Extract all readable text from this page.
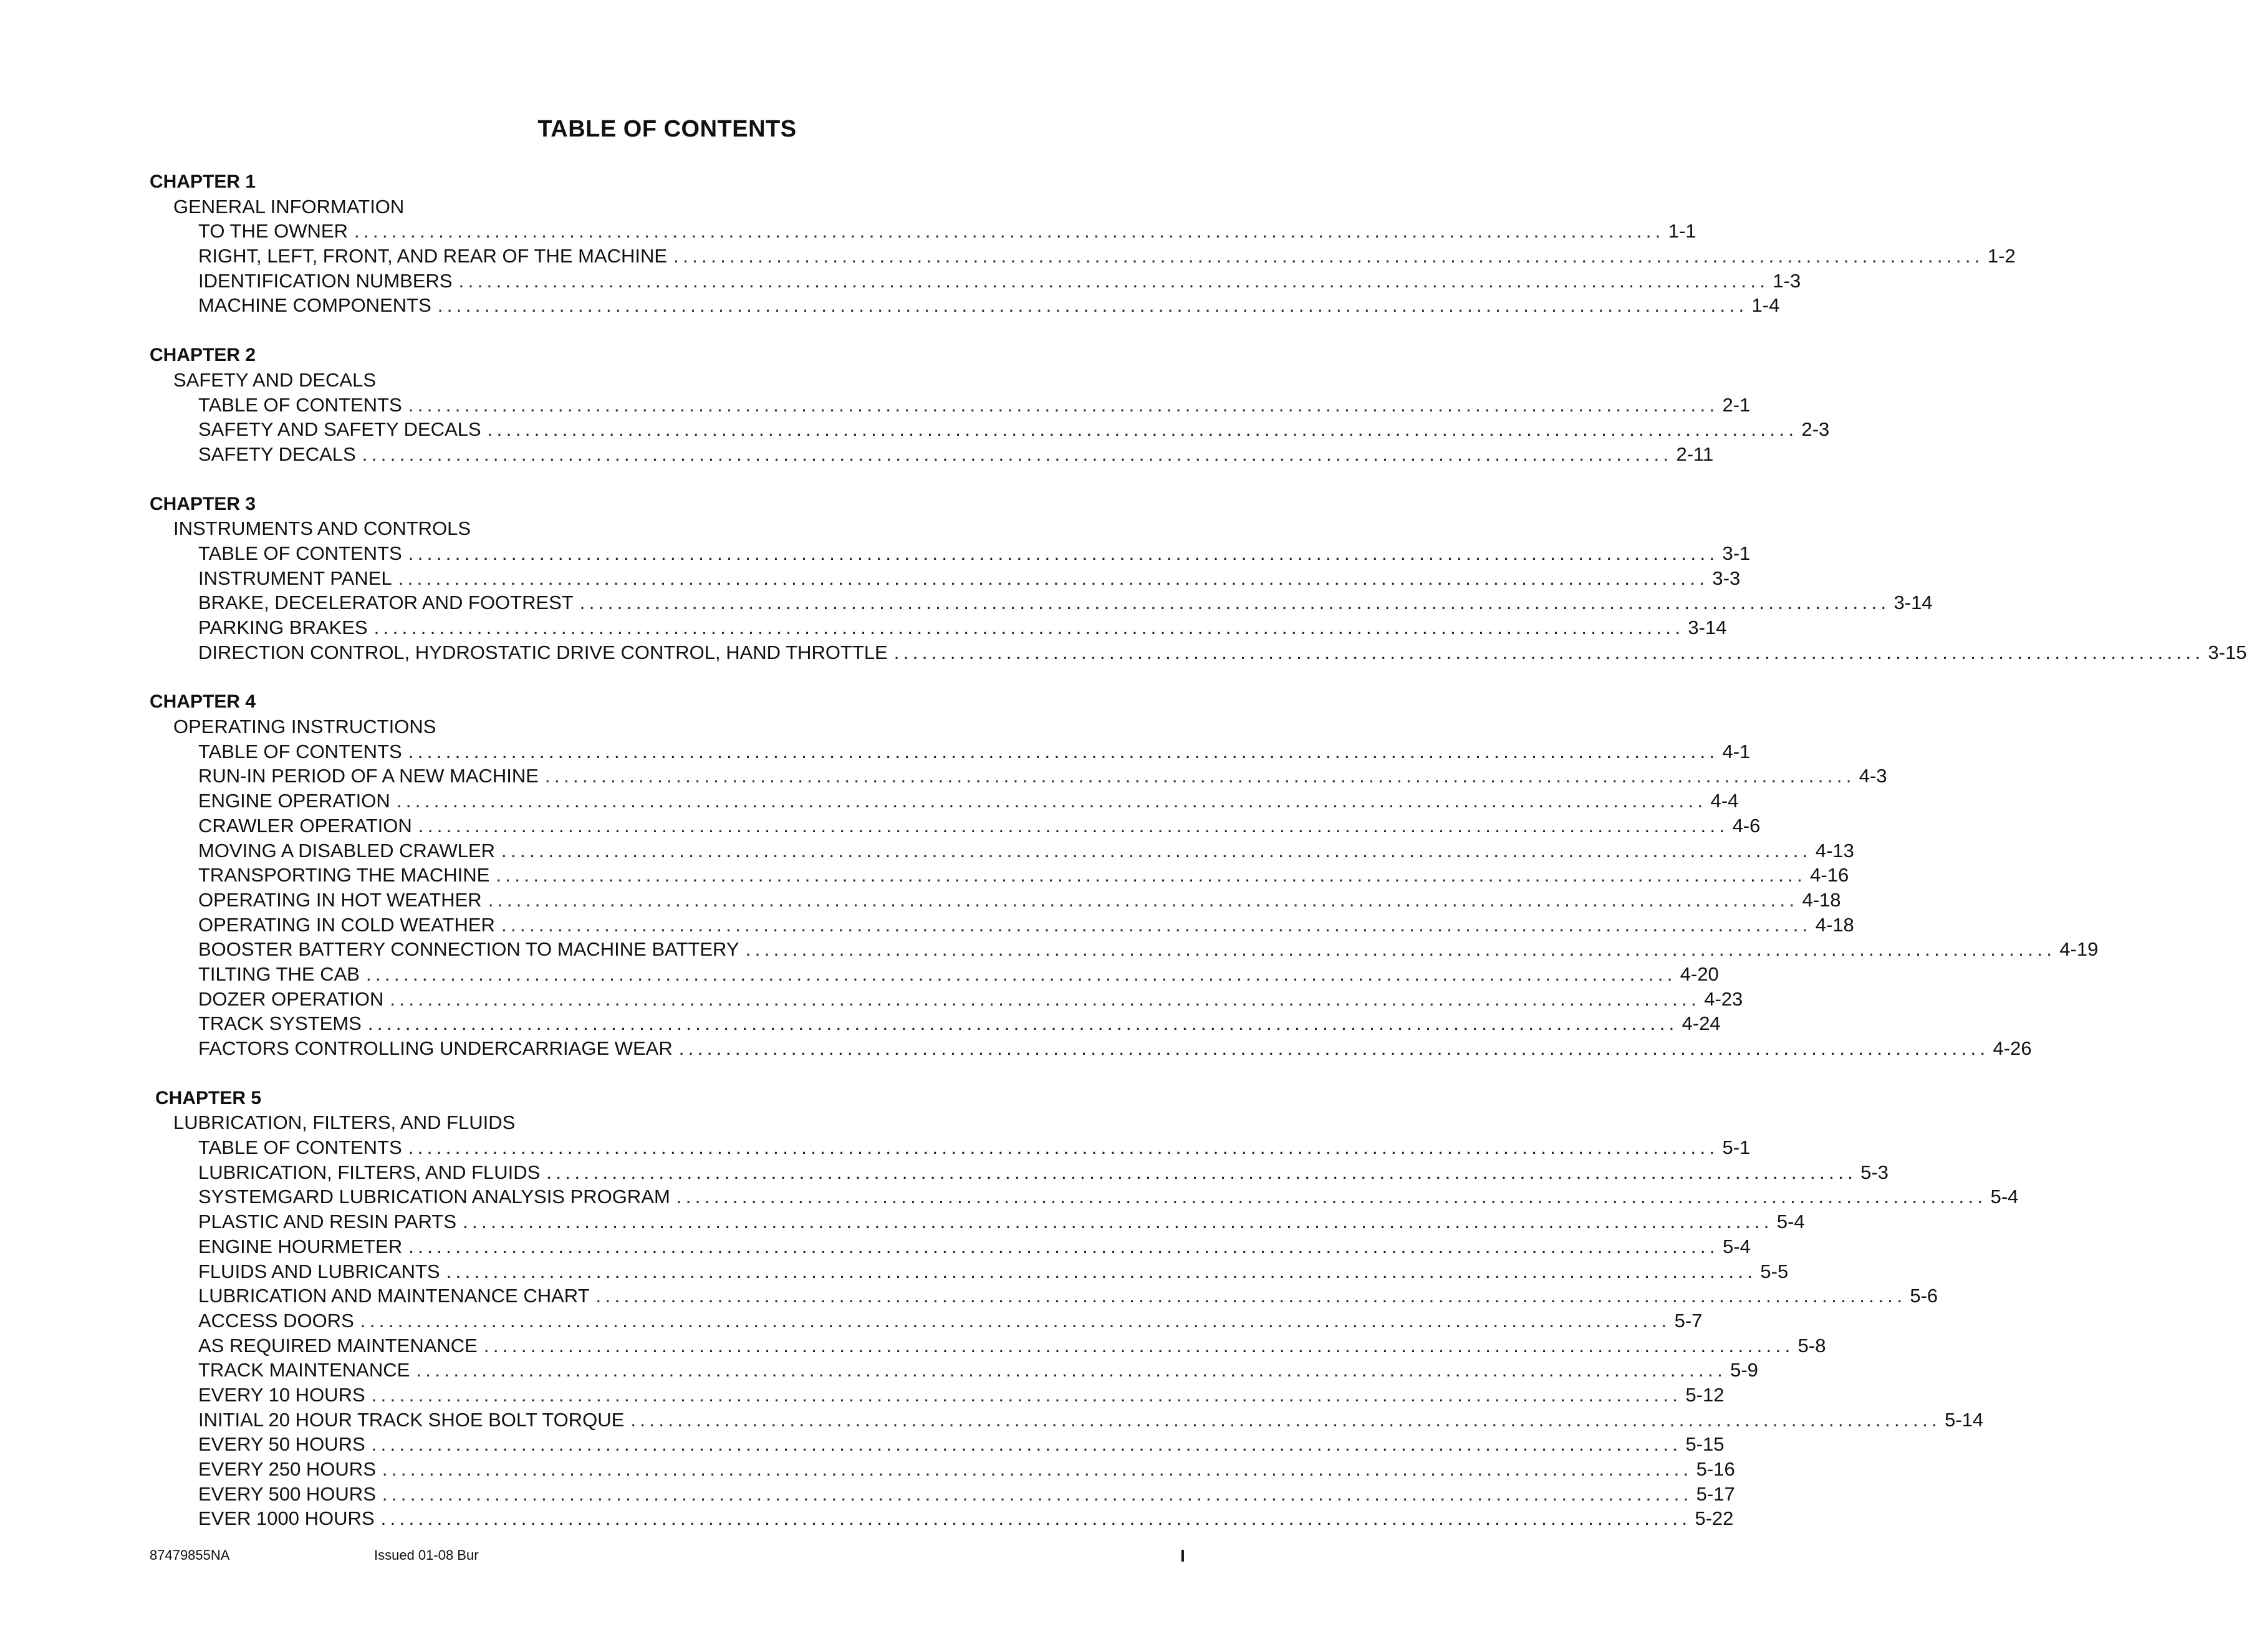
TABLE OF CONTENTS
CHAPTER 1
GENERAL INFORMATION
TO THE OWNER ............................................................................................................................................ 1-1
RIGHT, LEFT, FRONT, AND REAR OF THE MACHINE ............................................................................................................................................ 1-2
IDENTIFICATION NUMBERS ............................................................................................................................................ 1-3
MACHINE COMPONENTS ............................................................................................................................................ 1-4
CHAPTER 2
SAFETY AND DECALS
TABLE OF CONTENTS ............................................................................................................................................ 2-1
SAFETY AND SAFETY DECALS ............................................................................................................................................ 2-3
SAFETY DECALS ............................................................................................................................................ 2-11
CHAPTER 3
INSTRUMENTS AND CONTROLS
TABLE OF CONTENTS ............................................................................................................................................ 3-1
INSTRUMENT PANEL ............................................................................................................................................ 3-3
BRAKE, DECELERATOR AND FOOTREST ............................................................................................................................................ 3-14
PARKING BRAKES ............................................................................................................................................ 3-14
DIRECTION CONTROL, HYDROSTATIC DRIVE CONTROL, HAND THROTTLE ............................................................................................................................................ 3-15
CHAPTER 4
OPERATING INSTRUCTIONS
TABLE OF CONTENTS ............................................................................................................................................ 4-1
RUN-IN PERIOD OF A NEW MACHINE ............................................................................................................................................ 4-3
ENGINE OPERATION ............................................................................................................................................ 4-4
CRAWLER OPERATION ............................................................................................................................................ 4-6
MOVING A DISABLED CRAWLER ............................................................................................................................................ 4-13
TRANSPORTING THE MACHINE ............................................................................................................................................ 4-16
OPERATING IN HOT WEATHER ............................................................................................................................................ 4-18
OPERATING IN COLD WEATHER ............................................................................................................................................ 4-18
BOOSTER BATTERY CONNECTION TO MACHINE BATTERY ............................................................................................................................................ 4-19
TILTING THE CAB ............................................................................................................................................ 4-20
DOZER OPERATION ............................................................................................................................................ 4-23
TRACK SYSTEMS ............................................................................................................................................ 4-24
FACTORS CONTROLLING UNDERCARRIAGE WEAR ............................................................................................................................................ 4-26
CHAPTER 5
LUBRICATION, FILTERS, AND FLUIDS
TABLE OF CONTENTS ............................................................................................................................................ 5-1
LUBRICATION, FILTERS, AND FLUIDS ............................................................................................................................................ 5-3
SYSTEMGARD LUBRICATION ANALYSIS PROGRAM ............................................................................................................................................ 5-4
PLASTIC AND RESIN PARTS ............................................................................................................................................ 5-4
ENGINE HOURMETER ............................................................................................................................................ 5-4
FLUIDS AND LUBRICANTS ............................................................................................................................................ 5-5
LUBRICATION AND MAINTENANCE CHART ............................................................................................................................................ 5-6
ACCESS DOORS ............................................................................................................................................ 5-7
AS REQUIRED MAINTENANCE ............................................................................................................................................ 5-8
TRACK MAINTENANCE ............................................................................................................................................ 5-9
EVERY 10 HOURS ............................................................................................................................................ 5-12
INITIAL 20 HOUR TRACK SHOE BOLT TORQUE ............................................................................................................................................ 5-14
EVERY 50 HOURS ............................................................................................................................................ 5-15
EVERY 250 HOURS ............................................................................................................................................ 5-16
EVERY 500 HOURS ............................................................................................................................................ 5-17
EVER 1000 HOURS ............................................................................................................................................ 5-22
87479855NA	Issued 01-08 Bur	I
